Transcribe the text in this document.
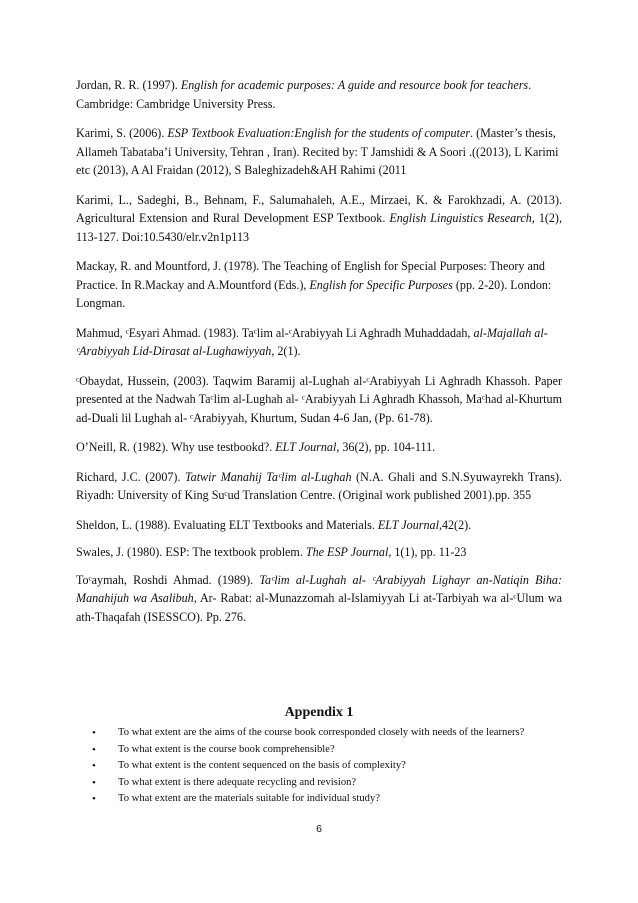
Jordan, R. R. (1997). English for academic purposes: A guide and resource book for teachers. Cambridge: Cambridge University Press.

Karimi, S. (2006). ESP Textbook Evaluation:English for the students of computer. (Master’s thesis, Allameh Tabataba’i University, Tehran , Iran). Recited by: T Jamshidi & A Soori .((2013), L Karimi etc (2013), A Al Fraidan (2012), S Baleghizadeh&AH Rahimi (2011

Karimi, L., Sadeghi, B., Behnam, F., Salumahaleh, A.E., Mirzaei, K. & Farokhzadi, A. (2013). Agricultural Extension and Rural Development ESP Textbook. English Linguistics Research, 1(2), 113-127. Doi:10.5430/elr.v2n1p113

Mackay, R. and Mountford, J. (1978). The Teaching of English for Special Purposes: Theory and Practice. In R.Mackay and A.Mountford (Eds.), English for Specific Purposes (pp. 2-20). London: Longman.

Mahmud, ᶜEsyari Ahmad. (1983). Taᶜlim al-ᶜArabiyyah Li Aghradh Muhaddadah, al-Majallah al-ᶜArabiyyah Lid-Dirasat al-Lughawiyyah, 2(1).

ᶜObaydat, Hussein, (2003). Taqwim Baramij al-Lughah al-ᶜArabiyyah Li Aghradh Khassoh. Paper presented at the Nadwah Taᶜlim al-Lughah al- ᶜArabiyyah Li Aghradh Khassoh, Maᶜhad al-Khurtum ad-Duali lil Lughah al- ᶜArabiyyah, Khurtum, Sudan 4-6 Jan, (Pp. 61-78).

O’Neill, R. (1982). Why use testbookd?. ELT Journal, 36(2), pp. 104-111.

Richard, J.C. (2007). Tatwir Manahij Taᶜlim al-Lughah (N.A. Ghali and S.N.Syuwayrekh Trans). Riyadh: University of King Suᶜud Translation Centre. (Original work published 2001).pp. 355

Sheldon, L. (1988). Evaluating ELT Textbooks and Materials. ELT Journal,42(2).

Swales, J. (1980). ESP: The textbook problem. The ESP Journal, 1(1), pp. 11-23

Toᶜaymah, Roshdi Ahmad. (1989). Taᶜlim al-Lughah al- ᶜArabiyyah Lighayr an-Natiqin Biha: Manahijuh wa Asalibuh, Ar- Rabat: al-Munazzomah al-Islamiyyah Li at-Tarbiyah wa al-ᶜUlum wa ath-Thaqafah (ISESSCO). Pp. 276.

Appendix 1
• To what extent are the aims of the course book corresponded closely with needs of the learners?
• To what extent is the course book comprehensible?
• To what extent is the content sequenced on the basis of complexity?
• To what extent is there adequate recycling and revision?
• To what extent are the materials suitable for individual study?
6
